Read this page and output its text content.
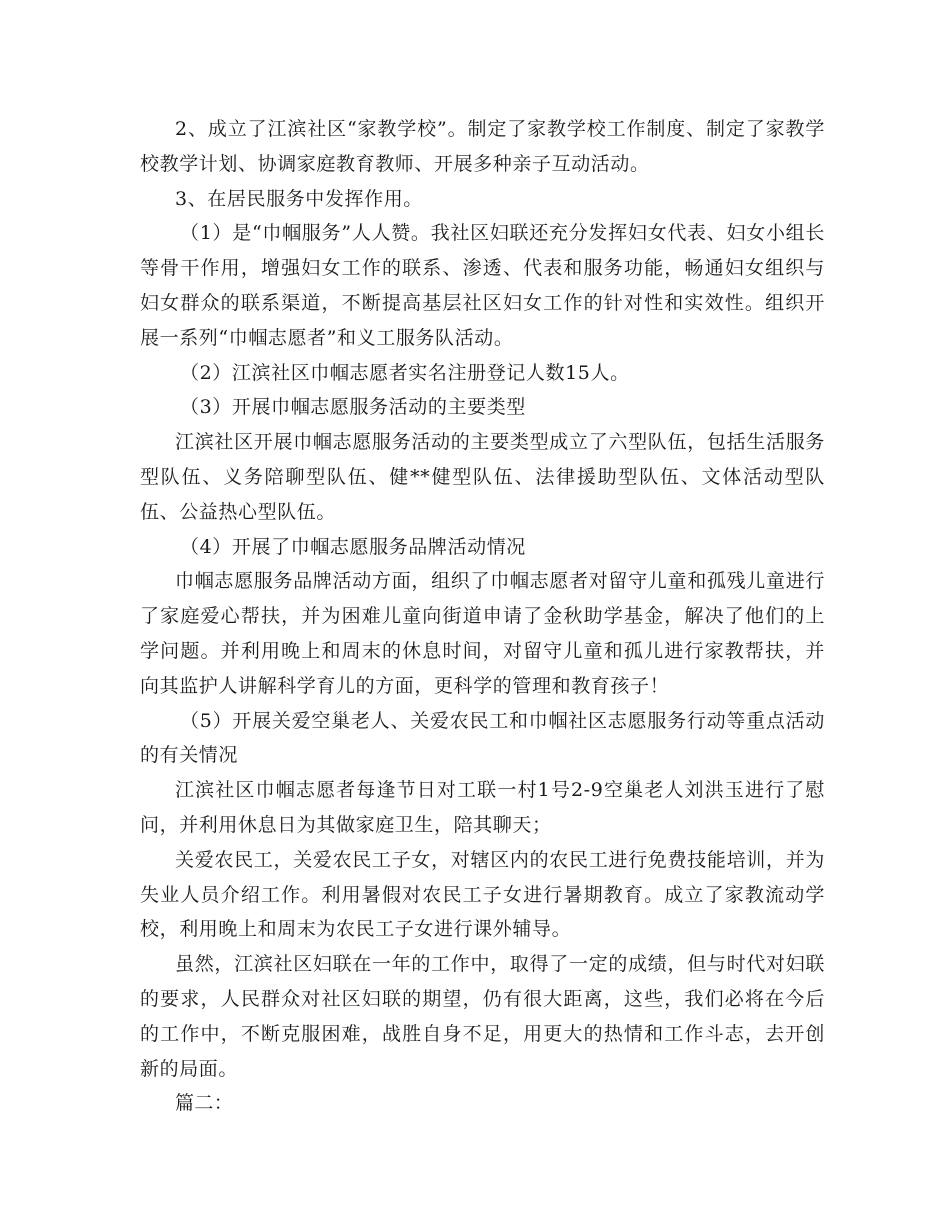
2、成立了江滨社区“家教学校”。制定了家教学校工作制度、制定了家教学校教学计划、协调家庭教育教师、开展多种亲子互动活动。

3、在居民服务中发挥作用。

（1）是“巾帼服务”人人赞。我社区妇联还充分发挥妇女代表、妇女小组长等骨干作用，增强妇女工作的联系、渗透、代表和服务功能，畅通妇女组织与妇女群众的联系渠道，不断提高基层社区妇女工作的针对性和实效性。组织开展一系列“巾帼志愿者”和义工服务队活动。

（2）江滨社区巾帼志愿者实名注册登记人数15人。

（3）开展巾帼志愿服务活动的主要类型

江滨社区开展巾帼志愿服务活动的主要类型成立了六型队伍，包括生活服务型队伍、义务陪聊型队伍、健**健型队伍、法律援助型队伍、文体活动型队伍、公益热心型队伍。

（4）开展了巾帼志愿服务品牌活动情况

巾帼志愿服务品牌活动方面，组织了巾帼志愿者对留守儿童和孤残儿童进行了家庭爱心帮扶，并为困难儿童向街道申请了金秋助学基金，解决了他们的上学问题。并利用晚上和周末的休息时间，对留守儿童和孤儿进行家教帮扶，并向其监护人讲解科学育儿的方面，更科学的管理和教育孩子！

（5）开展关爱空巢老人、关爱农民工和巾帼社区志愿服务行动等重点活动的有关情况

江滨社区巾帼志愿者每逢节日对工联一村1号2-9空巢老人刘洪玉进行了慰问，并利用休息日为其做家庭卫生，陪其聊天；

关爱农民工，关爱农民工子女，对辖区内的农民工进行免费技能培训，并为失业人员介绍工作。利用暑假对农民工子女进行暑期教育。成立了家教流动学校，利用晚上和周末为农民工子女进行课外辅导。

虽然，江滨社区妇联在一年的工作中，取得了一定的成绩，但与时代对妇联的要求，人民群众对社区妇联的期望，仍有很大距离，这些，我们必将在今后的工作中，不断克服困难，战胜自身不足，用更大的热情和工作斗志，去开创新的局面。

篇二：
